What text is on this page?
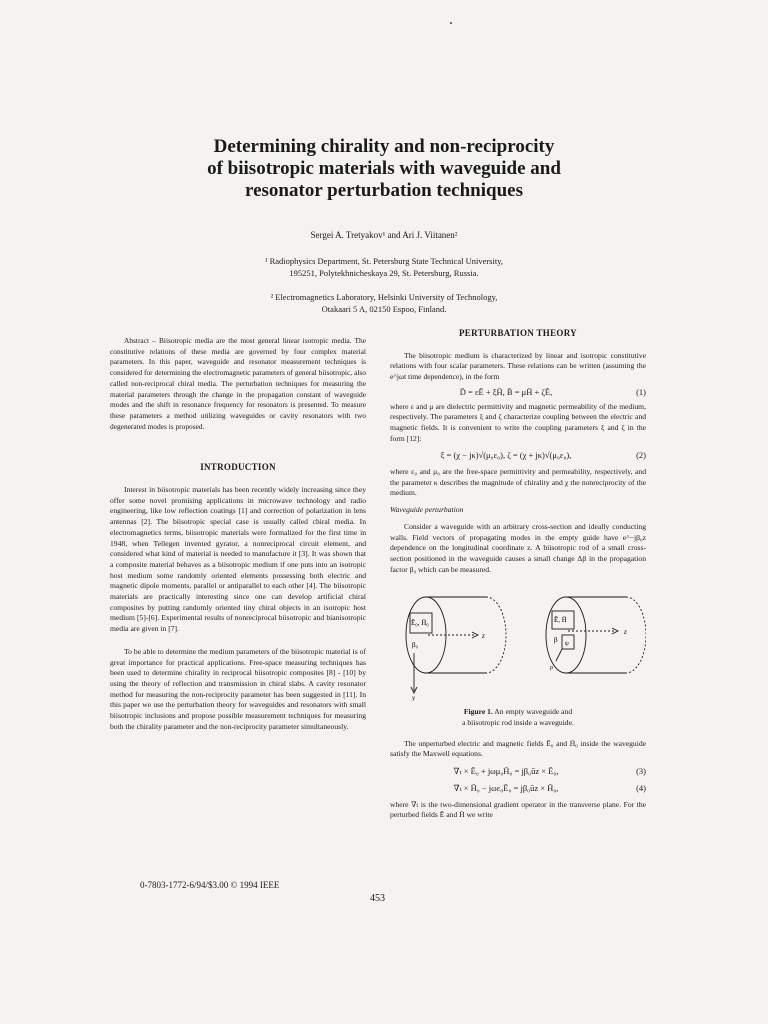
Determining chirality and non-reciprocity
of biisotropic materials with waveguide and
resonator perturbation techniques
Sergei A. Tretyakov¹ and Ari J. Viitanen²
¹ Radiophysics Department, St. Petersburg State Technical University,
195251, Polytekhnicheskaya 29, St. Petersburg, Russia.
² Electromagnetics Laboratory, Helsinki University of Technology,
Otakaari 5 A, 02150 Espoo, Finland.

Abstract – Biisotropic media are the most general linear isotropic media. The constitutive relations of these media are governed by four complex material parameters. In this paper, waveguide and resonator measurement techniques is considered for determining the electromagnetic parameters of general biisotropic, also called non-reciprocal chiral media. The perturbation techniques for measuring the material parameters through the change in the propagation constant of waveguide modes and the shift in resonance frequency for resonators is presented. To measure these parameters a method utilizing waveguides or cavity resonators with two degenerated modes is proposed.

INTRODUCTION

Interest in biisotropic materials has been recently widely increasing since they offer some novel promising applications in microwave technology and radio engineering, like low reflection coatings [1] and correction of polarization in lens antennas [2]. The biisotropic special case is usually called chiral media. In electromagnetics terms, biisotropic materials were formalized for the first time in 1948, when Tellegen invented gyrator, a nonreciprocal circuit element, and considered what kind of material is needed to manufacture it [3]. It was shown that a composite material behaves as a biisotropic medium if one puts into an isotropic host medium some randomly oriented elements possessing both electric and magnetic dipole moments, parallel or antiparallel to each other [4]. The biisotropic materials are practically interesting since one can develop artificial chiral composites by putting randomly oriented tiny chiral objects in an isotropic host medium [5]-[6]. Experimental results of nonreciprocal biisotropic and bianisotropic media are given in [7].

To be able to determine the medium parameters of the biisotropic material is of great importance for practical applications. Free-space measuring techniques has been used to determine chirality in reciprocal biisotropic composites [8] - [10] by using the theory of reflection and transmission in chiral slabs. A cavity resonator method for measuring the non-reciprocity parameter has been suggested in [11]. In this paper we use the perturbation theory for waveguides and resonators with small biisotropic inclusions and propose possible measurement techniques for measuring both the chirality parameter and the non-reciprocity parameter simultaneously.

PERTURBATION THEORY

The biisotropic medium is characterized by linear and isotropic constitutive relations with four scalar parameters. These relations can be written (assuming the e^jωt time dependence), in the form

D̄ = εĒ + ξH̄, B̄ = μH̄ + ζĒ,	(1)

where ε and μ are dielectric permittivity and magnetic permeability of the medium, respectively. The parameters ξ and ζ characterize coupling between the electric and magnetic fields. It is convenient to write the coupling parameters ξ and ζ in the form [12]:

ξ = (χ − jκ)√(μ₀ε₀), ζ = (χ + jκ)√(μ₀ε₀),	(2)

where ε₀ and μ₀ are the free-space permittivity and permeability, respectively, and the parameter κ describes the magnitude of chirality and χ the nonreciprocity of the medium.

Waveguide perturbation

Consider a waveguide with an arbitrary cross-section and ideally conducting walls. Field vectors of propagating modes in the empty guide have e^−jβ₀z dependence on the longitudinal coordinate z. A biisotropic rod of a small cross-section positioned in the waveguide causes a small change Δβ in the propagation factor β₀ which can be measured.

Ē₀, H̄₀
β₀
z
y
Ē, H̄
β ψ
ρ
z
Figure 1. An empty waveguide and
a biisotropic rod inside a waveguide.

The unperturbed electric and magnetic fields Ē₀ and H̄₀ inside the waveguide satisfy the Maxwell equations.

∇ₜ × Ē₀ + jωμ₀H̄₀ = jβ₀ūz × Ē₀,	(3)
∇ₜ × H̄₀ − jωε₀Ē₀ = jβ₀ūz × H̄₀,	(4)

where ∇ₜ is the two-dimensional gradient operator in the transverse plane. For the perturbed fields Ē and H̄ we write

0-7803-1772-6/94/$3.00 © 1994 IEEE
453
